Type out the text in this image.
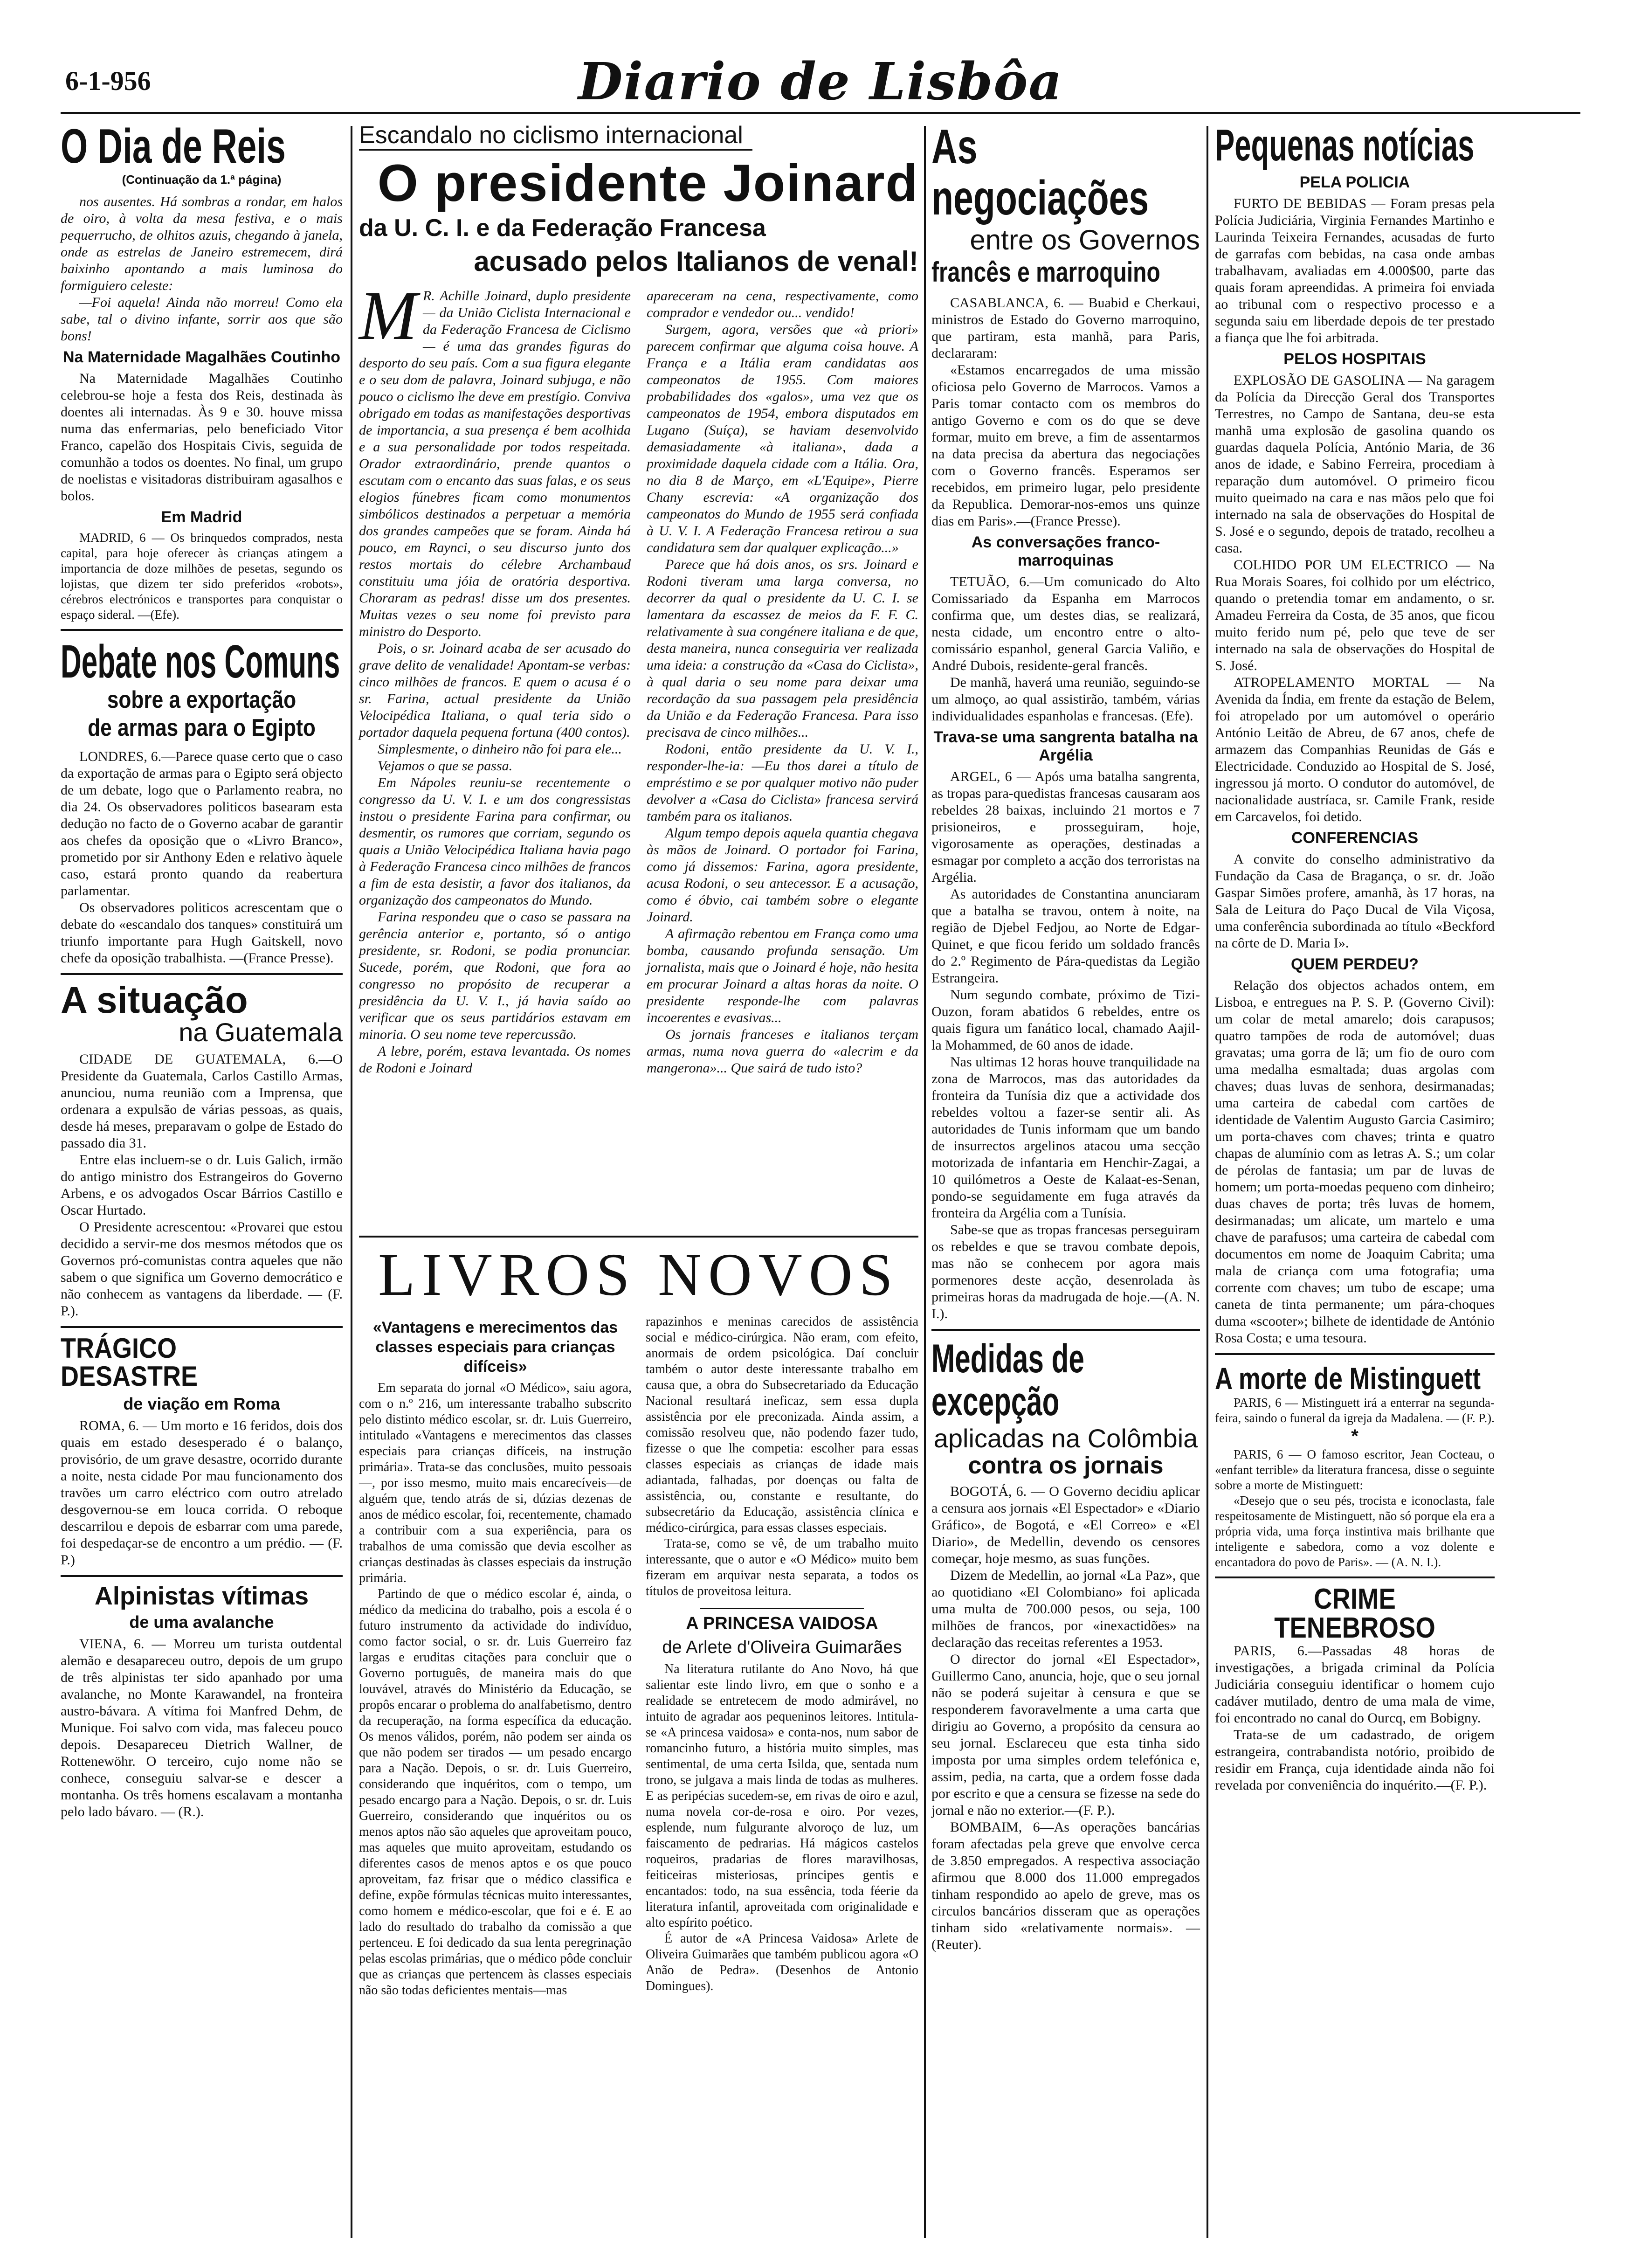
6-1-956	Diario de Lisbôa
O Dia de Reis
(Continuação da 1.ª página)

nos ausentes. Há sombras a rondar, em halos de oiro, à volta da mesa festiva, e o mais pequerrucho, de olhitos azuis, chegando à janela, onde as estrelas de Janeiro estremecem, dirá baixinho apontando a mais luminosa do formiguiero celeste:

—Foi aquela! Ainda não morreu! Como ela sabe, tal o divino infante, sorrir aos que são bons!

Na Maternidade Magalhães Coutinho

Na Maternidade Magalhães Coutinho celebrou-se hoje a festa dos Reis, destinada às doentes ali internadas. Às 9 e 30. houve missa numa das enfermarias, pelo beneficiado Vitor Franco, capelão dos Hospitais Civis, seguida de comunhão a todos os doentes. No final, um grupo de noelistas e visitadoras distribuiram agasalhos e bolos.

Em Madrid

MADRID, 6 — Os brinquedos comprados, nesta capital, para hoje oferecer às crianças atingem a importancia de doze milhões de pesetas, segundo os lojistas, que dizem ter sido preferidos «robots», cérebros electrónicos e transportes para conquistar o espaço sideral. —(Efe).

Debate nos Comuns
sobre a exportação
de armas para o Egipto

LONDRES, 6.—Parece quase certo que o caso da exportação de armas para o Egipto será objecto de um debate, logo que o Parlamento reabra, no dia 24. Os observadores politicos basearam esta dedução no facto de o Governo acabar de garantir aos chefes da oposição que o «Livro Branco», prometido por sir Anthony Eden e relativo àquele caso, estará pronto quando da reabertura parlamentar.

Os observadores politicos acrescentam que o debate do «escandalo dos tanques» constituirá um triunfo importante para Hugh Gaitskell, novo chefe da oposição trabalhista. —(France Presse).

A situação
na Guatemala

CIDADE DE GUATEMALA, 6.—O Presidente da Guatemala, Carlos Castillo Armas, anunciou, numa reunião com a Imprensa, que ordenara a expulsão de várias pessoas, as quais, desde há meses, preparavam o golpe de Estado do passado dia 31.

Entre elas incluem-se o dr. Luis Galich, irmão do antigo ministro dos Estrangeiros do Governo Arbens, e os advogados Oscar Bárrios Castillo e Oscar Hurtado.

O Presidente acrescentou: «Provarei que estou decidido a servir-me dos mesmos métodos que os Governos pró-comunistas contra aqueles que não sabem o que significa um Governo democrático e não conhecem as vantagens da liberdade. — (F. P.).

TRÁGICO DESASTRE
de viação em Roma

ROMA, 6. — Um morto e 16 feridos, dois dos quais em estado desesperado é o balanço, provisório, de um grave desastre, ocorrido durante a noite, nesta cidade Por mau funcionamento dos travões um carro eléctrico com outro atrelado desgovernou-se em louca corrida. O reboque descarrilou e depois de esbarrar com uma parede, foi despedaçar-se de encontro a um prédio. — (F. P.)

Alpinistas vítimas
de uma avalanche

VIENA, 6. — Morreu um turista outdental alemão e desapareceu outro, depois de um grupo de três alpinistas ter sido apanhado por uma avalanche, no Monte Karawandel, na fronteira austro-bávara. A vítima foi Manfred Dehm, de Munique. Foi salvo com vida, mas faleceu pouco depois. Desapareceu Dietrich Wallner, de Rottenewöhr. O terceiro, cujo nome não se conhece, conseguiu salvar-se e descer a montanha. Os três homens escalavam a montanha pelo lado bávaro. — (R.).

Escandalo no ciclismo internacional
O presidente Joinard
da U. C. I. e da Federação Francesa
acusado pelos Italianos de venal!
M R. Achille Joinard, duplo presidente — da União Ciclista Internacional e da Federação Francesa de Ciclismo — é uma das grandes figuras do desporto do seu país. Com a sua figura elegante e o seu dom de palavra, Joinard subjuga, e não pouco o ciclismo lhe deve em prestígio. Conviva obrigado em todas as manifestações desportivas de importancia, a sua presença é bem acolhida e a sua personalidade por todos respeitada. Orador extraordinário, prende quantos o escutam com o encanto das suas falas, e os seus elogios fúnebres ficam como monumentos simbólicos destinados a perpetuar a memória dos grandes campeões que se foram. Ainda há pouco, em Raynci, o seu discurso junto dos restos mortais do célebre Archambaud constituiu uma jóia de oratória desportiva. Choraram as pedras! disse um dos presentes. Muitas vezes o seu nome foi previsto para ministro do Desporto.

Pois, o sr. Joinard acaba de ser acusado do grave delito de venalidade! Apontam-se verbas: cinco milhões de francos. E quem o acusa é o sr. Farina, actual presidente da União Velocipédica Italiana, o qual teria sido o portador daquela pequena fortuna (400 contos).

Simplesmente, o dinheiro não foi para ele...

Vejamos o que se passa.

Em Nápoles reuniu-se recentemente o congresso da U. V. I. e um dos congressistas instou o presidente Farina para confirmar, ou desmentir, os rumores que corriam, segundo os quais a União Velocipédica Italiana havia pago à Federação Francesa cinco milhões de francos a fim de esta desistir, a favor dos italianos, da organização dos campeonatos do Mundo.

Farina respondeu que o caso se passara na gerência anterior e, portanto, só o antigo presidente, sr. Rodoni, se podia pronunciar. Sucede, porém, que Rodoni, que fora ao congresso no propósito de recuperar a presidência da U. V. I., já havia saído ao verificar que os seus partidários estavam em minoria. O seu nome teve repercussão.

A lebre, porém, estava levantada. Os nomes de Rodoni e Joinard

apareceram na cena, respectivamente, como comprador e vendedor ou... vendido!

Surgem, agora, versões que «à priori» parecem confirmar que alguma coisa houve. A França e a Itália eram candidatas aos campeonatos de 1955. Com maiores probabilidades dos «galos», uma vez que os campeonatos de 1954, embora disputados em Lugano (Suíça), se haviam desenvolvido demasiadamente «à italiana», dada a proximidade daquela cidade com a Itália. Ora, no dia 8 de Março, em «L'Equipe», Pierre Chany escrevia: «A organização dos campeonatos do Mundo de 1955 será confiada à U. V. I. A Federação Francesa retirou a sua candidatura sem dar qualquer explicação...»

Parece que há dois anos, os srs. Joinard e Rodoni tiveram uma larga conversa, no decorrer da qual o presidente da U. C. I. se lamentara da escassez de meios da F. F. C. relativamente à sua congénere italiana e de que, desta maneira, nunca conseguiria ver realizada uma ideia: a construção da «Casa do Ciclista», à qual daria o seu nome para deixar uma recordação da sua passagem pela presidência da União e da Federação Francesa. Para isso precisava de cinco milhões...

Rodoni, então presidente da U. V. I., responder-lhe-ia: —Eu thos darei a título de empréstimo e se por qualquer motivo não puder devolver a «Casa do Ciclista» francesa servirá também para os italianos.

Algum tempo depois aquela quantia chegava às mãos de Joinard. O portador foi Farina, como já dissemos: Farina, agora presidente, acusa Rodoni, o seu antecessor. E a acusação, como é óbvio, cai também sobre o elegante Joinard.

A afirmação rebentou em França como uma bomba, causando profunda sensação. Um jornalista, mais que o Joinard é hoje, não hesita em procurar Joinard a altas horas da noite. O presidente responde-lhe com palavras incoerentes e evasivas...

Os jornais franceses e italianos terçam armas, numa nova guerra do «alecrim e da mangerona»... Que sairá de tudo isto?

LIVROS NOVOS
«Vantagens e merecimentos das classes especiais para crianças difíceis»

Em separata do jornal «O Médico», saiu agora, com o n.º 216, um interessante trabalho subscrito pelo distinto médico escolar, sr. dr. Luis Guerreiro, intitulado «Vantagens e merecimentos das classes especiais para crianças difíceis, na instrução primária». Trata-se das conclusões, muito pessoais—, por isso mesmo, muito mais encarecíveis—de alguém que, tendo atrás de si, dúzias dezenas de anos de médico escolar, foi, recentemente, chamado a contribuir com a sua experiência, para os trabalhos de uma comissão que devia escolher as crianças destinadas às classes especiais da instrução primária.

Partindo de que o médico escolar é, ainda, o médico da medicina do trabalho, pois a escola é o futuro instrumento da actividade do indivíduo, como factor social, o sr. dr. Luis Guerreiro faz largas e eruditas citações para concluir que o Governo português, de maneira mais do que louvável, através do Ministério da Educação, se propôs encarar o problema do analfabetismo, dentro da recuperação, na forma específica da educação. Os menos válidos, porém, não podem ser ainda os que não podem ser tirados — um pesado encargo para a Nação. Depois, o sr. dr. Luis Guerreiro, considerando que inquéritos, com o tempo, um pesado encargo para a Nação. Depois, o sr. dr. Luis Guerreiro, considerando que inquéritos ou os menos aptos não são aqueles que aproveitam pouco, mas aqueles que muito aproveitam, estudando os diferentes casos de menos aptos e os que pouco aproveitam, faz frisar que o médico classifica e define, expõe fórmulas técnicas muito interessantes, como homem e médico-escolar, que foi e é. E ao lado do resultado do trabalho da comissão a que pertenceu. E foi dedicado da sua lenta peregrinação pelas escolas primárias, que o médico pôde concluir que as crianças que pertencem às classes especiais não são todas deficientes mentais—mas

rapazinhos e meninas carecidos de assistência social e médico-cirúrgica. Não eram, com efeito, anormais de ordem psicológica. Daí concluir também o autor deste interessante trabalho em causa que, a obra do Subsecretariado da Educação Nacional resultará ineficaz, sem essa dupla assistência por ele preconizada. Ainda assim, a comissão resolveu que, não podendo fazer tudo, fizesse o que lhe competia: escolher para essas classes especiais as crianças de idade mais adiantada, falhadas, por doenças ou falta de assistência, ou, constante e resultante, do subsecretário da Educação, assistência clínica e médico-cirúrgica, para essas classes especiais.

Trata-se, como se vê, de um trabalho muito interessante, que o autor e «O Médico» muito bem fizeram em arquivar nesta separata, a todos os títulos de proveitosa leitura.

A PRINCESA VAIDOSA
de Arlete d'Oliveira Guimarães

Na literatura rutilante do Ano Novo, há que salientar este lindo livro, em que o sonho e a realidade se entretecem de modo admirável, no intuito de agradar aos pequeninos leitores. Intitula-se «A princesa vaidosa» e conta-nos, num sabor de romancinho futuro, a história muito simples, mas sentimental, de uma certa Isilda, que, sentada num trono, se julgava a mais linda de todas as mulheres. E as peripécias sucedem-se, em rivas de oiro e azul, numa novela cor-de-rosa e oiro. Por vezes, esplende, num fulgurante alvoroço de luz, um faiscamento de pedrarias. Há mágicos castelos roqueiros, pradarias de flores maravilhosas, feiticeiras misteriosas, príncipes gentis e encantados: todo, na sua essência, toda féerie da literatura infantil, aproveitada com originalidade e alto espírito poético.

É autor de «A Princesa Vaidosa» Arlete de Oliveira Guimarães que também publicou agora «O Anão de Pedra». (Desenhos de Antonio Domingues).

As negociações
entre os Governos
francês e marroquino

CASABLANCA, 6. — Buabid e Cherkaui, ministros de Estado do Governo marroquino, que partiram, esta manhã, para Paris, declararam:

«Estamos encarregados de uma missão oficiosa pelo Governo de Marrocos. Vamos a Paris tomar contacto com os membros do antigo Governo e com os do que se deve formar, muito em breve, a fim de assentarmos na data precisa da abertura das negociações com o Governo francês. Esperamos ser recebidos, em primeiro lugar, pelo presidente da Republica. Demorar-nos-emos uns quinze dias em Paris».—(France Presse).

As conversações franco-marroquinas

TETUÃO, 6.—Um comunicado do Alto Comissariado da Espanha em Marrocos confirma que, um destes dias, se realizará, nesta cidade, um encontro entre o alto-comissário espanhol, general Garcia Valiño, e André Dubois, residente-geral francês.

De manhã, haverá uma reunião, seguindo-se um almoço, ao qual assistirão, também, várias individualidades espanholas e francesas. (Efe).

Trava-se uma sangrenta batalha na Argélia

ARGEL, 6 — Após uma batalha sangrenta, as tropas para-quedistas francesas causaram aos rebeldes 28 baixas, incluindo 21 mortos e 7 prisioneiros, e prosseguiram, hoje, vigorosamente as operações, destinadas a esmagar por completo a acção dos terroristas na Argélia.

As autoridades de Constantina anunciaram que a batalha se travou, ontem à noite, na região de Djebel Fedjou, ao Norte de Edgar-Quinet, e que ficou ferido um soldado francês do 2.º Regimento de Pára-quedistas da Legião Estrangeira.

Num segundo combate, próximo de Tizi-Ouzon, foram abatidos 6 rebeldes, entre os quais figura um fanático local, chamado Aajil-la Mohammed, de 60 anos de idade.

Nas ultimas 12 horas houve tranquilidade na zona de Marrocos, mas das autoridades da fronteira da Tunísia diz que a actividade dos rebeldes voltou a fazer-se sentir ali. As autoridades de Tunis informam que um bando de insurrectos argelinos atacou uma secção motorizada de infantaria em Henchir-Zagai, a 10 quilómetros a Oeste de Kalaat-es-Senan, pondo-se seguidamente em fuga através da fronteira da Argélia com a Tunísia.

Sabe-se que as tropas francesas perseguiram os rebeldes e que se travou combate depois, mas não se conhecem por agora mais pormenores deste acção, desenrolada às primeiras horas da madrugada de hoje.—(A. N. I.).

Medidas de excepção
aplicadas na Colômbia
contra os jornais

BOGOTÁ, 6. — O Governo decidiu aplicar a censura aos jornais «El Espectador» e «Diario Gráfico», de Bogotá, e «El Correo» e «El Diario», de Medellin, devendo os censores começar, hoje mesmo, as suas funções.

Dizem de Medellin, ao jornal «La Paz», que ao quotidiano «El Colombiano» foi aplicada uma multa de 700.000 pesos, ou seja, 100 milhões de francos, por «inexactidões» na declaração das receitas referentes a 1953.

O director do jornal «El Espectador», Guillermo Cano, anuncia, hoje, que o seu jornal não se poderá sujeitar à censura e que se responderem favoravelmente a uma carta que dirigiu ao Governo, a propósito da censura ao seu jornal. Esclareceu que esta tinha sido imposta por uma simples ordem telefónica e, assim, pedia, na carta, que a ordem fosse dada por escrito e que a censura se fizesse na sede do jornal e não no exterior.—(F. P.).

BOMBAIM, 6—As operações bancárias foram afectadas pela greve que envolve cerca de 3.850 empregados. A respectiva associação afirmou que 8.000 dos 11.000 empregados tinham respondido ao apelo de greve, mas os circulos bancários disseram que as operações tinham sido «relativamente normais». —(Reuter).

Pequenas notícias
PELA POLICIA

FURTO DE BEBIDAS — Foram presas pela Polícia Judiciária, Virginia Fernandes Martinho e Laurinda Teixeira Fernandes, acusadas de furto de garrafas com bebidas, na casa onde ambas trabalhavam, avaliadas em 4.000$00, parte das quais foram apreendidas. A primeira foi enviada ao tribunal com o respectivo processo e a segunda saiu em liberdade depois de ter prestado a fiança que lhe foi arbitrada.

PELOS HOSPITAIS

EXPLOSÃO DE GASOLINA — Na garagem da Polícia da Direcção Geral dos Transportes Terrestres, no Campo de Santana, deu-se esta manhã uma explosão de gasolina quando os guardas daquela Polícia, António Maria, de 36 anos de idade, e Sabino Ferreira, procediam à reparação dum automóvel. O primeiro ficou muito queimado na cara e nas mãos pelo que foi internado na sala de observações do Hospital de S. José e o segundo, depois de tratado, recolheu a casa.

COLHIDO POR UM ELECTRICO — Na Rua Morais Soares, foi colhido por um eléctrico, quando o pretendia tomar em andamento, o sr. Amadeu Ferreira da Costa, de 35 anos, que ficou muito ferido num pé, pelo que teve de ser internado na sala de observações do Hospital de S. José.

ATROPELAMENTO MORTAL — Na Avenida da Índia, em frente da estação de Belem, foi atropelado por um automóvel o operário António Leitão de Abreu, de 67 anos, chefe de armazem das Companhias Reunidas de Gás e Electricidade. Conduzido ao Hospital de S. José, ingressou já morto. O condutor do automóvel, de nacionalidade austríaca, sr. Camile Frank, reside em Carcavelos, foi detido.

CONFERENCIAS

A convite do conselho administrativo da Fundação da Casa de Bragança, o sr. dr. João Gaspar Simões profere, amanhã, às 17 horas, na Sala de Leitura do Paço Ducal de Vila Viçosa, uma conferência subordinada ao título «Beckford na côrte de D. Maria I».

QUEM PERDEU?

Relação dos objectos achados ontem, em Lisboa, e entregues na P. S. P. (Governo Civil): um colar de metal amarelo; dois carapusos; quatro tampões de roda de automóvel; duas gravatas; uma gorra de lã; um fio de ouro com uma medalha esmaltada; duas argolas com chaves; duas luvas de senhora, desirmanadas; uma carteira de cabedal com cartões de identidade de Valentim Augusto Garcia Casimiro; um porta-chaves com chaves; trinta e quatro chapas de alumínio com as letras A. S.; um colar de pérolas de fantasia; um par de luvas de homem; um porta-moedas pequeno com dinheiro; duas chaves de porta; três luvas de homem, desirmanadas; um alicate, um martelo e uma chave de parafusos; uma carteira de cabedal com documentos em nome de Joaquim Cabrita; uma mala de criança com uma fotografia; uma corrente com chaves; um tubo de escape; uma caneta de tinta permanente; um pára-choques duma «scooter»; bilhete de identidade de António Rosa Costa; e uma tesoura.

A morte de Mistinguett

PARIS, 6 — Mistinguett irá a enterrar na segunda-feira, saindo o funeral da igreja da Madalena. — (F. P.).

*

PARIS, 6 — O famoso escritor, Jean Cocteau, o «enfant terrible» da literatura francesa, disse o seguinte sobre a morte de Mistinguett:

«Desejo que o seu pés, trocista e iconoclasta, fale respeitosamente de Mistinguett, não só porque ela era a própria vida, uma força instintiva mais brilhante que inteligente e sabedora, como a voz dolente e encantadora do povo de Paris». — (A. N. I.).

CRIME TENEBROSO

PARIS, 6.—Passadas 48 horas de investigações, a brigada criminal da Polícia Judiciária conseguiu identificar o homem cujo cadáver mutilado, dentro de uma mala de vime, foi encontrado no canal do Ourcq, em Bobigny.

Trata-se de um cadastrado, de origem estrangeira, contrabandista notório, proibido de residir em França, cuja identidade ainda não foi revelada por conveniência do inquérito.—(F. P.).
